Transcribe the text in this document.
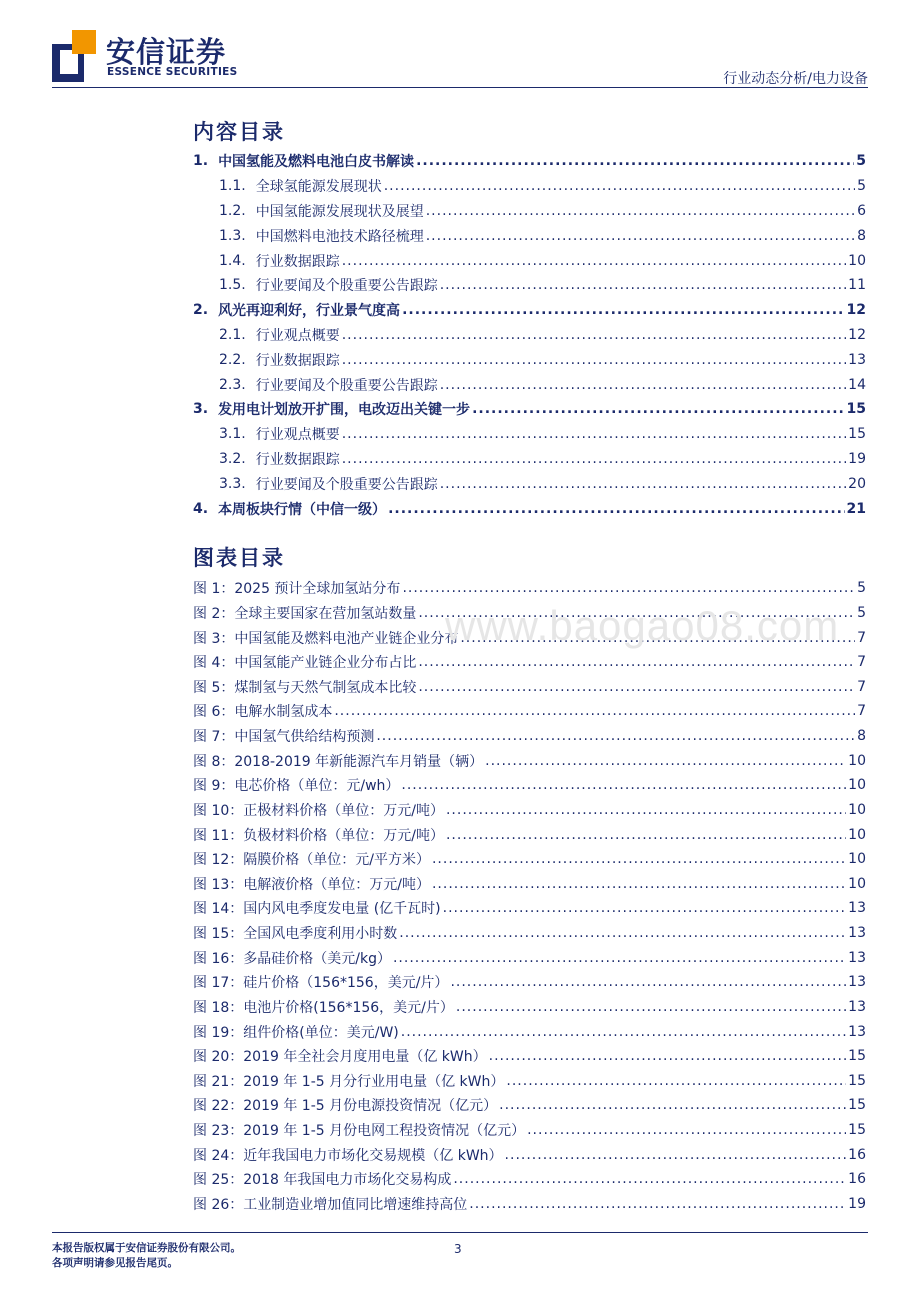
安信证券
ESSENCE SECURITIES	行业动态分析/电力设备
内容目录
1. 中国氢能及燃料电池白皮书解读 .....	5
1.1. 全球氢能源发展现状 .....	5
1.2. 中国氢能源发展现状及展望 .....	6
1.3. 中国燃料电池技术路径梳理 .....	8
1.4. 行业数据跟踪 .....	10
1.5. 行业要闻及个股重要公告跟踪 .....	11
2. 风光再迎利好，行业景气度高 .....	12
2.1. 行业观点概要 .....	12
2.2. 行业数据跟踪 .....	13
2.3. 行业要闻及个股重要公告跟踪 .....	14
3. 发用电计划放开扩围，电改迈出关键一步 .....	15
3.1. 行业观点概要 .....	15
3.2. 行业数据跟踪 .....	19
3.3. 行业要闻及个股重要公告跟踪 .....	20
4. 本周板块行情（中信一级） .....	21
图表目录
图 1：2025 预计全球加氢站分布 .....	5
图 2：全球主要国家在营加氢站数量 .....	5
图 3：中国氢能及燃料电池产业链企业分布 .....	7
图 4：中国氢能产业链企业分布占比 .....	7
图 5：煤制氢与天然气制氢成本比较 .....	7
图 6：电解水制氢成本 .....	7
图 7：中国氢气供给结构预测 .....	8
图 8：2018-2019 年新能源汽车月销量（辆） .....	10
图 9：电芯价格（单位：元/wh） .....	10
图 10：正极材料价格（单位：万元/吨） .....	10
图 11：负极材料价格（单位：万元/吨） .....	10
图 12：隔膜价格（单位：元/平方米） .....	10
图 13：电解液价格（单位：万元/吨） .....	10
图 14：国内风电季度发电量 (亿千瓦时) .....	13
图 15：全国风电季度利用小时数 .....	13
图 16：多晶硅价格（美元/kg） .....	13
图 17：硅片价格（156*156，美元/片） .....	13
图 18：电池片价格(156*156，美元/片） .....	13
图 19：组件价格(单位：美元/W) .....	13
图 20：2019 年全社会月度用电量（亿 kWh） .....	15
图 21：2019 年 1-5 月分行业用电量（亿 kWh） .....	15
图 22：2019 年 1-5 月份电源投资情况（亿元） .....	15
图 23：2019 年 1-5 月份电网工程投资情况（亿元） .....	15
图 24：近年我国电力市场化交易规模（亿 kWh） .....	16
图 25：2018 年我国电力市场化交易构成 .....	16
图 26：工业制造业增加值同比增速维持高位 .....	19
www.baogao08.com
本报告版权属于安信证券股份有限公司。
各项声明请参见报告尾页。
3
